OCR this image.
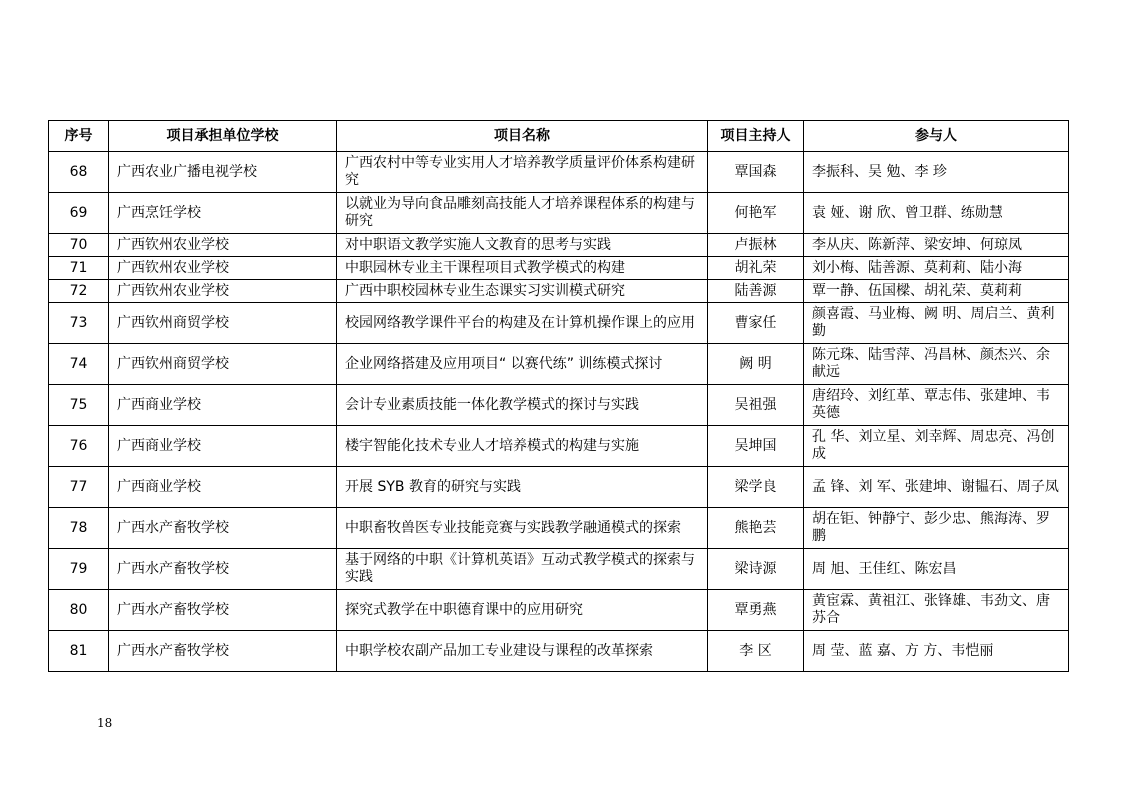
序号	项目承担单位学校	项目名称	项目主持人	参与人
68	广西农业广播电视学校	广西农村中等专业实用人才培养教学质量评价体系构建研究	覃国森	李振科、吴 勉、李 珍
69	广西烹饪学校	以就业为导向食品雕刻高技能人才培养课程体系的构建与研究	何艳军	袁 娅、谢 欣、曾卫群、练勋慧
70	广西钦州农业学校	对中职语文教学实施人文教育的思考与实践	卢振林	李从庆、陈新萍、梁安坤、何琼凤
71	广西钦州农业学校	中职园林专业主干课程项目式教学模式的构建	胡礼荣	刘小梅、陆善源、莫莉莉、陆小海
72	广西钦州农业学校	广西中职校园林专业生态课实习实训模式研究	陆善源	覃一静、伍国樑、胡礼荣、莫莉莉
73	广西钦州商贸学校	校园网络教学课件平台的构建及在计算机操作课上的应用	曹家任	颜喜霞、马业梅、阙 明、周启兰、黄利勤
74	广西钦州商贸学校	企业网络搭建及应用项目“ 以赛代练” 训练模式探讨	阙 明	陈元珠、陆雪萍、冯昌林、颜杰兴、余献远
75	广西商业学校	会计专业素质技能一体化教学模式的探讨与实践	吴祖强	唐绍玲、刘红革、覃志伟、张建坤、韦英德
76	广西商业学校	楼宇智能化技术专业人才培养模式的构建与实施	吴坤国	孔 华、刘立星、刘幸辉、周忠亮、冯创成
77	广西商业学校	开展 SYB 教育的研究与实践	梁学良	孟 锋、刘 军、张建坤、谢韫石、周子凤
78	广西水产畜牧学校	中职畜牧兽医专业技能竞赛与实践教学融通模式的探索	熊艳芸	胡在钜、钟静宁、彭少忠、熊海涛、罗 鹏
79	广西水产畜牧学校	基于网络的中职《计算机英语》互动式教学模式的探索与实践	梁诗源	周 旭、王佳红、陈宏昌
80	广西水产畜牧学校	探究式教学在中职德育课中的应用研究	覃勇燕	黄宦霖、黄祖江、张锋雄、韦劲文、唐苏合
81	广西水产畜牧学校	中职学校农副产品加工专业建设与课程的改革探索	李 区	周 莹、蓝 嘉、方 方、韦恺丽
18
